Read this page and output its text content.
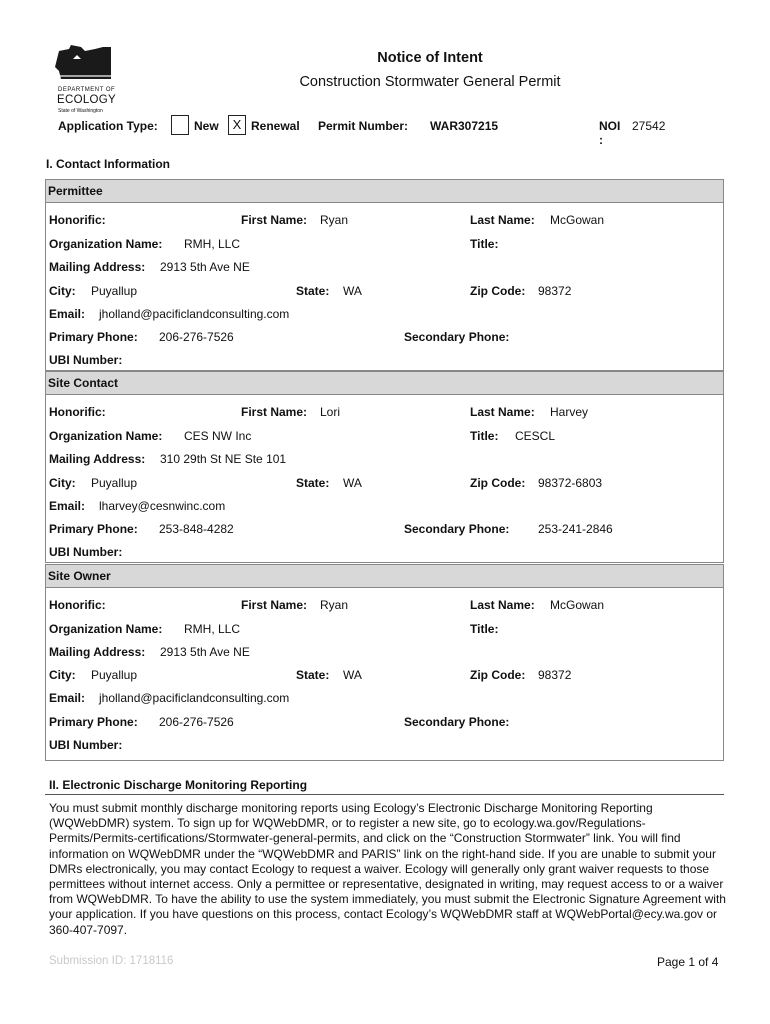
DEPARTMENT OF
ECOLOGY
State of Washington
Notice of Intent
Construction Stormwater General Permit
Application Type:	New	X Renewal Permit Number: WAR307215	NOI
:
27542
I. Contact Information
Permittee
Honorific:	First Name: Ryan	Last Name: McGowan
Organization Name: RMH, LLC	Title:
Mailing Address: 2913 5th Ave NE
City: Puyallup	State: WA	Zip Code: 98372
Email: jholland@pacificlandconsulting.com
Primary Phone: 206-276-7526	Secondary Phone:
UBI Number:
Site Contact
Honorific:	First Name: Lori	Last Name: Harvey
Organization Name: CES NW Inc	Title: CESCL
Mailing Address: 310 29th St NE Ste 101
City: Puyallup	State: WA	Zip Code: 98372-6803
Email: lharvey@cesnwinc.com
Primary Phone: 253-848-4282	Secondary Phone: 253-241-2846
UBI Number:
Site Owner
Honorific:	First Name: Ryan	Last Name: McGowan
Organization Name: RMH, LLC	Title:
Mailing Address: 2913 5th Ave NE
City: Puyallup	State: WA	Zip Code: 98372
Email: jholland@pacificlandconsulting.com
Primary Phone: 206-276-7526	Secondary Phone:
UBI Number:
II. Electronic Discharge Monitoring Reporting
You must submit monthly discharge monitoring reports using Ecology’s Electronic Discharge Monitoring Reporting (WQWebDMR) system. To sign up for WQWebDMR, or to register a new site, go to ecology.wa.gov/Regulations-Permits/Permits-certifications/Stormwater-general-permits, and click on the “Construction Stormwater” link. You will find information on WQWebDMR under the “WQWebDMR and PARIS” link on the right-hand side. If you are unable to submit your DMRs electronically, you may contact Ecology to request a waiver. Ecology will generally only grant waiver requests to those permittees without internet access. Only a permittee or representative, designated in writing, may request access to or a waiver from WQWebDMR. To have the ability to use the system immediately, you must submit the Electronic Signature Agreement with your application. If you have questions on this process, contact Ecology’s WQWebDMR staff at WQWebPortal@ecy.wa.gov or 360-407-7097.
Submission ID: 1718116	Page 1 of 4
